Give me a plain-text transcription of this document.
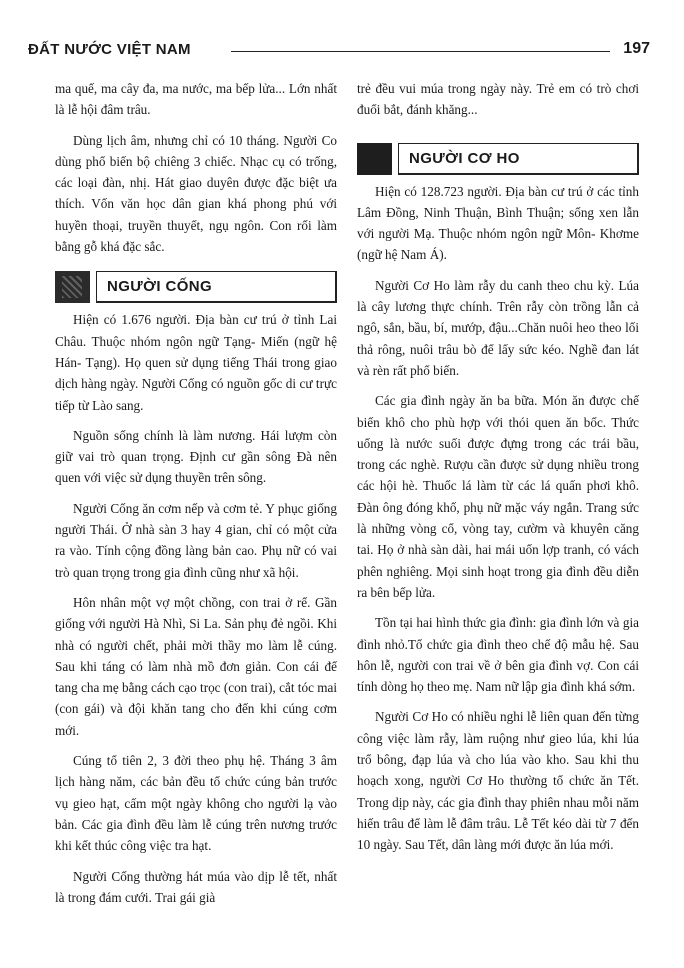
ĐẤT NƯỚC VIỆT NAM	197

ma quế, ma cây đa, ma nước, ma bếp lửa... Lớn nhất là lễ hội đâm trâu.

Dùng lịch âm, nhưng chỉ có 10 tháng. Người Co dùng phổ biến bộ chiêng 3 chiếc. Nhạc cụ có trống, các loại đàn, nhị. Hát giao duyên được đặc biệt ưa thích. Vốn văn học dân gian khá phong phú với huyền thoại, truyền thuyết, ngụ ngôn. Con rối làm bằng gỗ khá đặc sắc.

NGƯỜI CỐNG

Hiện có 1.676 người. Địa bàn cư trú ở tỉnh Lai Châu. Thuộc nhóm ngôn ngữ Tạng- Miến (ngữ hệ Hán- Tạng). Họ quen sử dụng tiếng Thái trong giao dịch hàng ngày. Người Cống có nguồn gốc di cư trực tiếp từ Lào sang.

Nguồn sống chính là làm nương. Hái lượm còn giữ vai trò quan trọng. Định cư gần sông Đà nên quen với việc sử dụng thuyền trên sông.

Người Cống ăn cơm nếp và cơm tẻ. Y phục giống người Thái. Ở nhà sàn 3 hay 4 gian, chỉ có một cửa ra vào. Tính cộng đồng làng bản cao. Phụ nữ có vai trò quan trọng trong gia đình cũng như xã hội.

Hôn nhân một vợ một chồng, con trai ở rể. Gần giống với người Hà Nhì, Si La. Sản phụ đẻ ngồi. Khi nhà có người chết, phải mời thầy mo làm lễ cúng. Sau khi táng có làm nhà mồ đơn giản. Con cái để tang cha mẹ bằng cách cạo trọc (con trai), cắt tóc mai (con gái) và đội khăn tang cho đến khi cúng cơm mới.

Cúng tổ tiên 2, 3 đời theo phụ hệ. Tháng 3 âm lịch hàng năm, các bản đều tổ chức cúng bản trước vụ gieo hạt, cấm một ngày không cho người lạ vào bản. Các gia đình đều làm lễ cúng trên nương trước khi kết thúc công việc tra hạt.

Người Cống thường hát múa vào dịp lễ tết, nhất là trong đám cưới. Trai gái già

trẻ đều vui múa trong ngày này. Trẻ em có trò chơi đuổi bắt, đánh khăng...

NGƯỜI CƠ HO

Hiện có 128.723 người. Địa bàn cư trú ở các tỉnh Lâm Đồng, Ninh Thuận, Bình Thuận; sống xen lẫn với người Mạ. Thuộc nhóm ngôn ngữ Môn- Khơme (ngữ hệ Nam Á).

Người Cơ Ho làm rẫy du canh theo chu kỳ. Lúa là cây lương thực chính. Trên rẫy còn trồng lẫn cả ngô, sắn, bầu, bí, mướp, đậu...Chăn nuôi heo theo lối thả rông, nuôi trâu bò để lấy sức kéo. Nghề đan lát và rèn rất phổ biến.

Các gia đình ngày ăn ba bữa. Món ăn được chế biến khô cho phù hợp với thói quen ăn bốc. Thức uống là nước suối được đựng trong các trái bầu, trong các nghè. Rượu cần được sử dụng nhiều trong các hội hè. Thuốc lá làm từ các lá quấn phơi khô. Đàn ông đóng khố, phụ nữ mặc váy ngắn. Trang sức là những vòng cổ, vòng tay, cườm và khuyên căng tai. Họ ở nhà sàn dài, hai mái uốn lợp tranh, có vách phên nghiêng. Mọi sinh hoạt trong gia đình đều diễn ra bên bếp lửa.

Tồn tại hai hình thức gia đình: gia đình lớn và gia đình nhỏ.Tổ chức gia đình theo chế độ mẫu hệ. Sau hôn lễ, người con trai về ở bên gia đình vợ. Con cái tính dòng họ theo mẹ. Nam nữ lập gia đình khá sớm.

Người Cơ Ho có nhiều nghi lễ liên quan đến từng công việc làm rẫy, làm ruộng như gieo lúa, khi lúa trổ bông, đạp lúa và cho lúa vào kho. Sau khi thu hoạch xong, người Cơ Ho thường tổ chức ăn Tết. Trong dịp này, các gia đình thay phiên nhau mỗi năm hiến trâu để làm lễ đâm trâu. Lễ Tết kéo dài từ 7 đến 10 ngày. Sau Tết, dân làng mới được ăn lúa mới.
